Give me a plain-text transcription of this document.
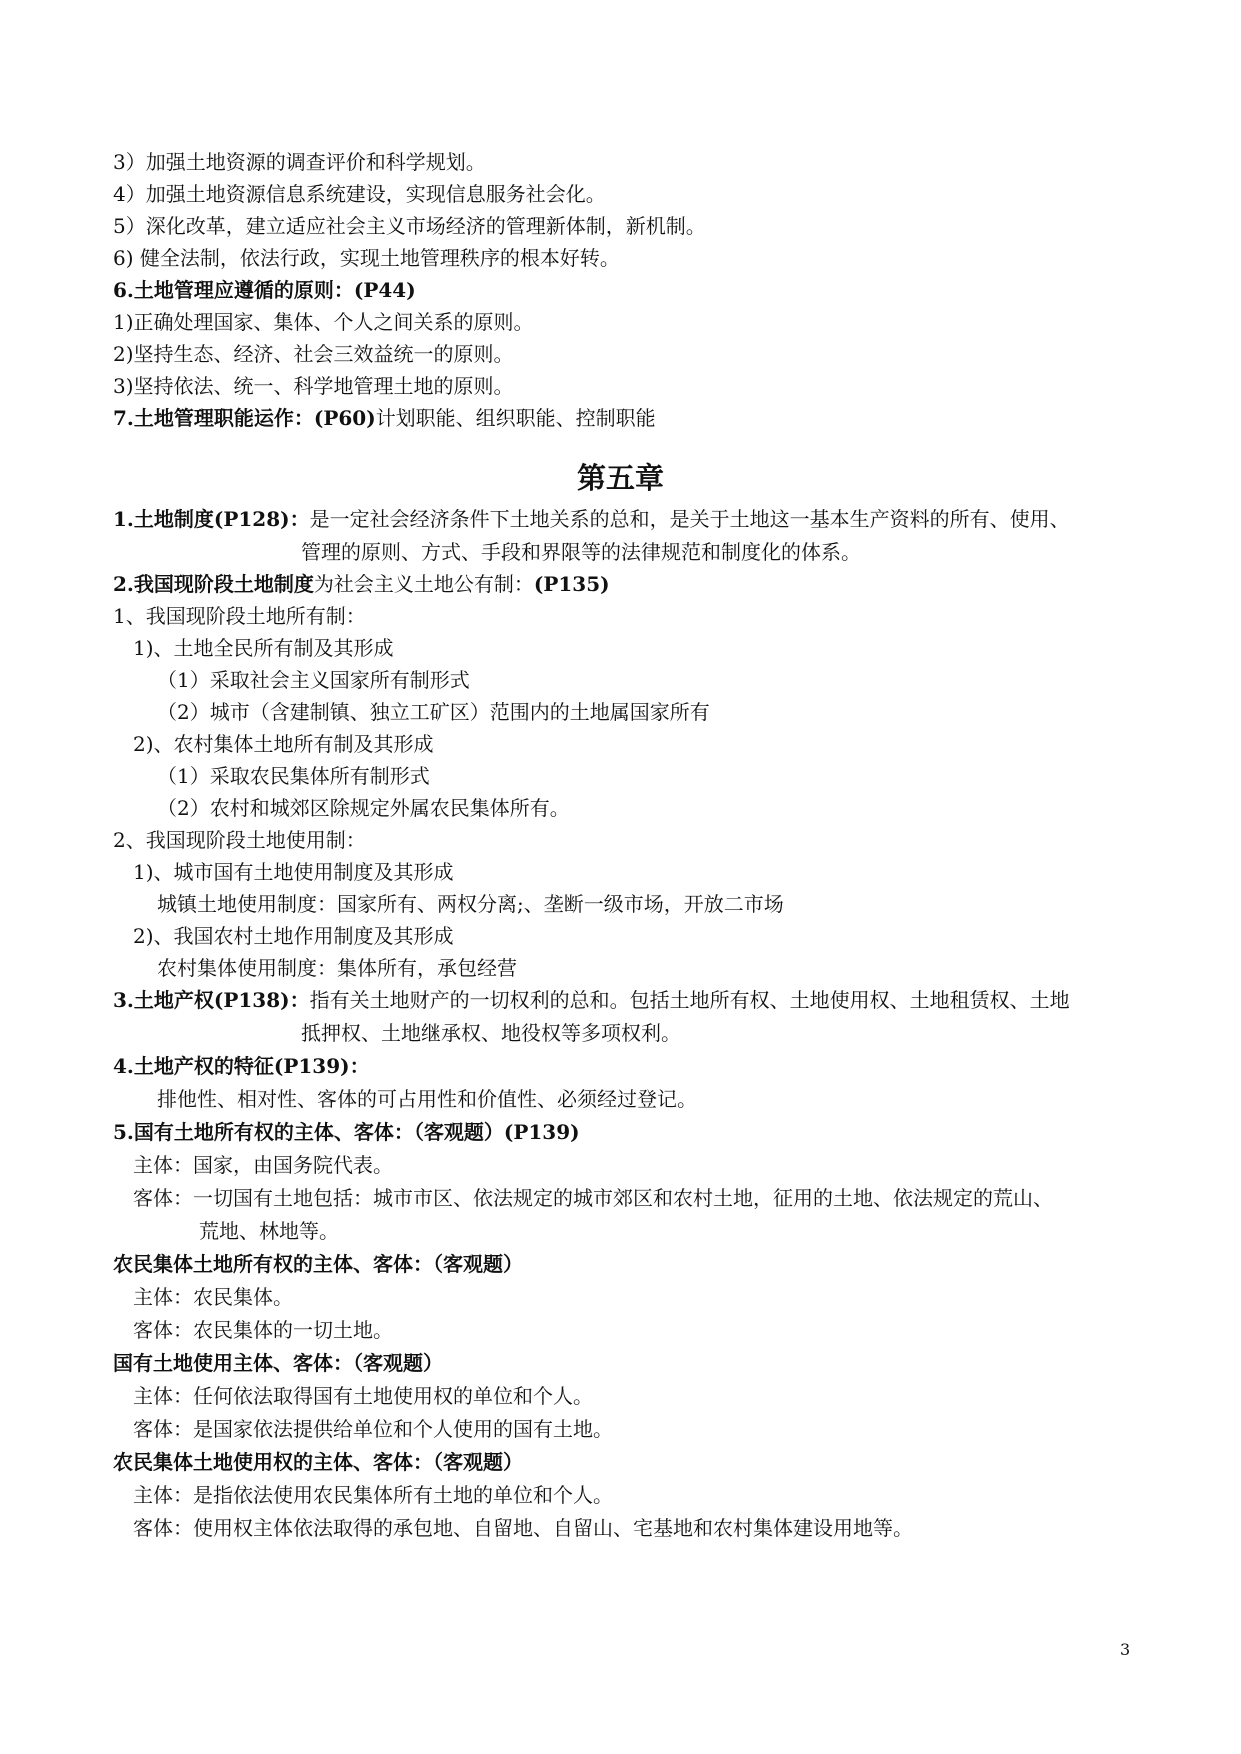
3）加强土地资源的调查评价和科学规划。
4）加强土地资源信息系统建设，实现信息服务社会化。
5）深化改革，建立适应社会主义市场经济的管理新体制，新机制。
6) 健全法制，依法行政，实现土地管理秩序的根本好转。
6.土地管理应遵循的原则：(P44)
1)正确处理国家、集体、个人之间关系的原则。
2)坚持生态、经济、社会三效益统一的原则。
3)坚持依法、统一、科学地管理土地的原则。
7.土地管理职能运作：(P60)计划职能、组织职能、控制职能
第五章
1.土地制度(P128)：是一定社会经济条件下土地关系的总和，是关于土地这一基本生产资料的所有、使用、
管理的原则、方式、手段和界限等的法律规范和制度化的体系。
2.我国现阶段土地制度为社会主义土地公有制：(P135)
1、我国现阶段土地所有制：
1)、土地全民所有制及其形成
（1）采取社会主义国家所有制形式
（2）城市（含建制镇、独立工矿区）范围内的土地属国家所有
2)、农村集体土地所有制及其形成
（1）采取农民集体所有制形式
（2）农村和城郊区除规定外属农民集体所有。
2、我国现阶段土地使用制：
1)、城市国有土地使用制度及其形成
城镇土地使用制度：国家所有、两权分离;、垄断一级市场，开放二市场
2)、我国农村土地作用制度及其形成
农村集体使用制度：集体所有，承包经营
3.土地产权(P138)：指有关土地财产的一切权利的总和。包括土地所有权、土地使用权、土地租赁权、土地
抵押权、土地继承权、地役权等多项权利。
4.土地产权的特征(P139)：
排他性、相对性、客体的可占用性和价值性、必须经过登记。
5.国有土地所有权的主体、客体：（客观题）(P139)
主体：国家，由国务院代表。
客体：一切国有土地包括：城市市区、依法规定的城市郊区和农村土地，征用的土地、依法规定的荒山、
荒地、林地等。
农民集体土地所有权的主体、客体：（客观题）
主体：农民集体。
客体：农民集体的一切土地。
国有土地使用主体、客体：（客观题）
主体：任何依法取得国有土地使用权的单位和个人。
客体：是国家依法提供给单位和个人使用的国有土地。
农民集体土地使用权的主体、客体：（客观题）
主体：是指依法使用农民集体所有土地的单位和个人。
客体：使用权主体依法取得的承包地、自留地、自留山、宅基地和农村集体建设用地等。
3
